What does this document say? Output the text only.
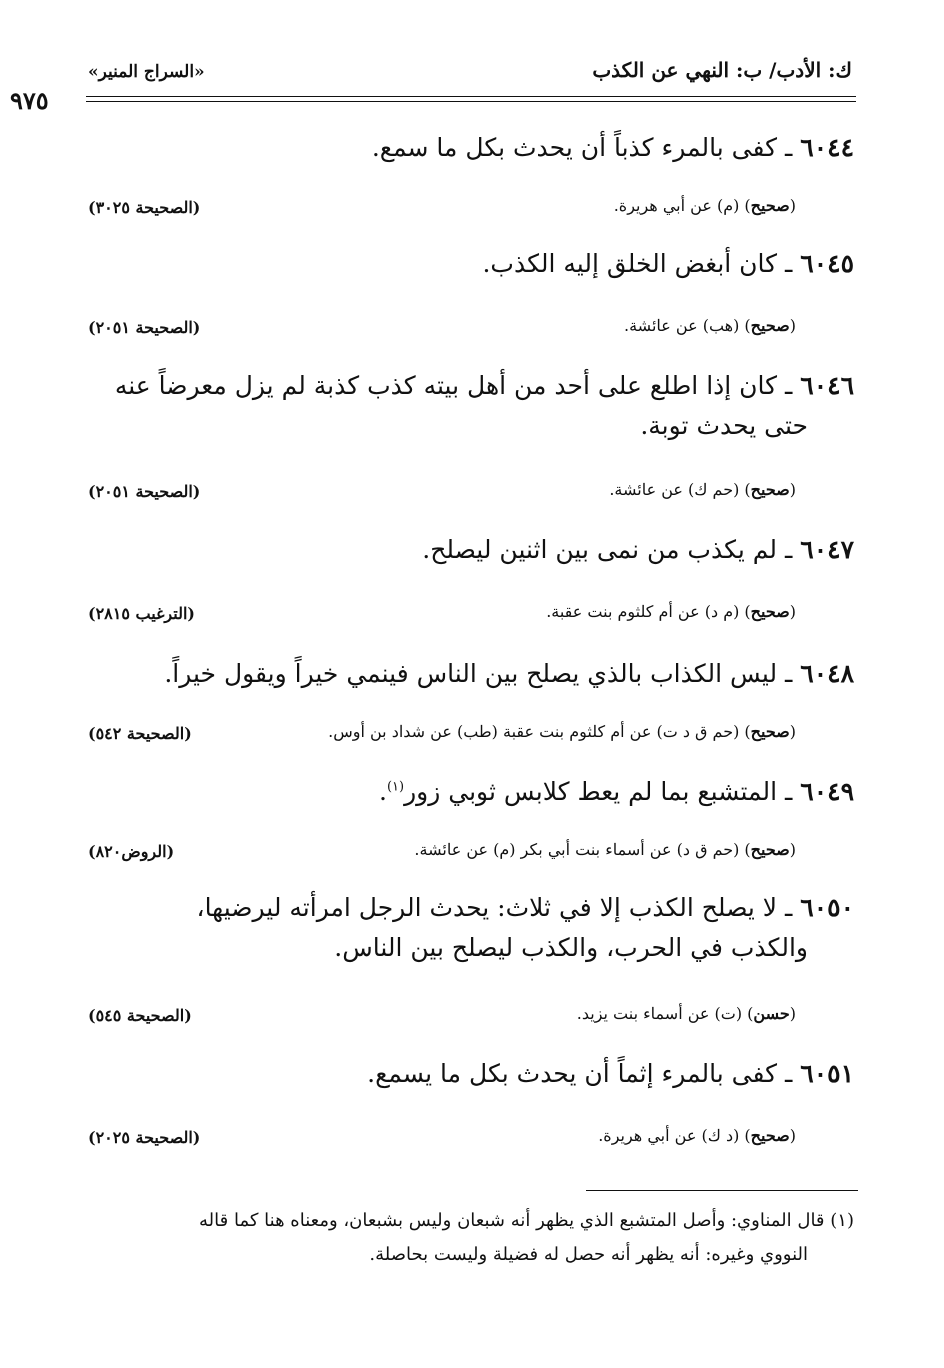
ك: الأدب/ ب: النهي عن الكذب
«السراج المنير»
٩٧٥
٦٠٤٤ ـ كفى بالمرء كذباً أن يحدث بكل ما سمع.
(صحيح) (م) عن أبي هريرة.
(الصحيحة ٣٠٢٥)
٦٠٤٥ ـ كان أبغض الخلق إليه الكذب.
(صحيح) (هب) عن عائشة.
(الصحيحة ٢٠٥١)
٦٠٤٦ ـ كان إذا اطلع على أحد من أهل بيته كذب كذبة لم يزل معرضاً عنه
حتى يحدث توبة.
(صحيح) (حم ك) عن عائشة.
(الصحيحة ٢٠٥١)
٦٠٤٧ ـ لم يكذب من نمى بين اثنين ليصلح.
(صحيح) (م د) عن أم كلثوم بنت عقبة.
(الترغيب ٢٨١٥)
٦٠٤٨ ـ ليس الكذاب بالذي يصلح بين الناس فينمي خيراً ويقول خيراً.
(صحيح) (حم ق د ت) عن أم كلثوم بنت عقبة (طب) عن شداد بن أوس.
(الصحيحة ٥٤٢)
٦٠٤٩ ـ المتشبع بما لم يعط كلابس ثوبي زور$^{(١)}$.
(صحيح) (حم ق د) عن أسماء بنت أبي بكر (م) عن عائشة.
(الروض٨٢٠)
٦٠٥٠ ـ لا يصلح الكذب إلا في ثلاث: يحدث الرجل امرأته ليرضيها،
والكذب في الحرب، والكذب ليصلح بين الناس.
(حسن) (ت) عن أسماء بنت يزيد.
(الصحيحة ٥٤٥)
٦٠٥١ ـ كفى بالمرء إثماً أن يحدث بكل ما يسمع.
(صحيح) (د ك) عن أبي هريرة.
(الصحيحة ٢٠٢٥)
(١) قال المناوي: وأصل المتشبع الذي يظهر أنه شبعان وليس بشبعان، ومعناه هنا كما قاله
النووي وغيره: أنه يظهر أنه حصل له فضيلة وليست بحاصلة.
